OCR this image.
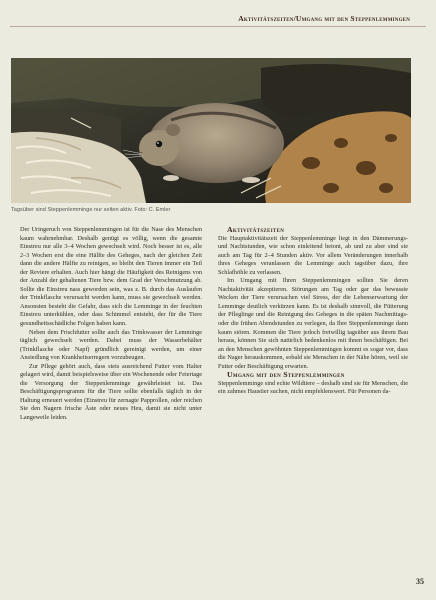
Aktivitätszeiten/Umgang mit den Steppenlemmingen
Tagsüber sind Steppenlemminge nur selten aktiv. Foto: C. Emler

Der Uringeruch von Steppenlemmingen ist für die Nase des Menschen kaum wahrnehmbar. Deshalb genügt es völlig, wenn die gesamte Einstreu nur alle 3–4 Wochen gewechselt wird. Noch besser ist es, alle 2–3 Wochen erst die eine Hälfte des Geheges, nach der gleichen Zeit dann die andere Hälfte zu reinigen, so bleibt den Tieren immer ein Teil der Reviere erhalten. Auch hier hängt die Häufigkeit des Reinigens von der Anzahl der gehaltenen Tiere bzw. dem Grad der Verschmutzung ab. Sollte die Einstreu nass geworden sein, was z. B. durch das Auslaufen der Trinkflasche verursacht werden kann, muss sie gewechselt werden. Ansonsten besteht die Gefahr, dass sich die Lemminge in der feuchten Einstreu unterkühlen, oder dass Schimmel entsteht, der für die Tiere gesundheitsschädliche Folgen haben kann.

Neben dem Frischfutter sollte auch das Trinkwasser der Lemminge täglich gewechselt werden. Dabei muss der Wasserbehälter (Trinkflasche oder Napf) gründlich gereinigt werden, um einer Ansiedlung von Krankheitserregern vorzubeugen.

Zur Pflege gehört auch, dass stets ausreichend Futter vom Halter gelagert wird, damit beispielsweise über ein Wochenende oder Feiertage die Versorgung der Steppenlemminge gewährleistet ist. Das Beschäftigungsprogramm für die Tiere sollte ebenfalls täglich in der Haltung erneuert werden (Einstreu für zernagte Papprollen, oder reichen Sie den Nagern frische Äste oder neues Heu, damit sie nicht unter Langeweile leiden.

Aktivitätszeiten

Die Hauptaktivitätszeit der Steppenlemminge liegt in den Dämmerungs- und Nachtstunden, wie schon einleitend betont, ab und zu aber sind sie auch am Tag für 2–4 Stunden aktiv. Vor allem Veränderungen innerhalb ihres Geheges veranlassen die Lemminge auch tagsüber dazu, ihre Schlafhöhle zu verlassen.

Im Umgang mit Ihren Steppenlemmingen sollten Sie deren Nachtaktivität akzeptieren. Störungen am Tag oder gar das bewusste Wecken der Tiere verursachen viel Stress, der die Lebenserwartung der Lemminge deutlich verkürzen kann. Es ist deshalb sinnvoll, die Fütterung der Pfleglinge und die Reinigung des Geheges in die späten Nachmittags- oder die frühen Abendstunden zu verlegen, da Ihre Steppenlemminge dann kaum stören. Kommen die Tiere jedoch freiwillig tagsüber aus ihrem Bau heraus, können Sie sich natürlich bedenkenlos mit ihnen beschäftigen. Bei an den Menschen gewöhnten Steppenlemmingen kommt es sogar vor, dass die Nager herauskommen, sobald sie Menschen in der Nähe hören, weil sie Futter oder Beschäftigung erwarten.

Umgang mit den Steppenlemmingen

Steppenlemminge sind echte Wildtiere – deshalb sind sie für Menschen, die ein zahmes Haustier suchen, nicht empfehlenswert. Für Personen da-

35
